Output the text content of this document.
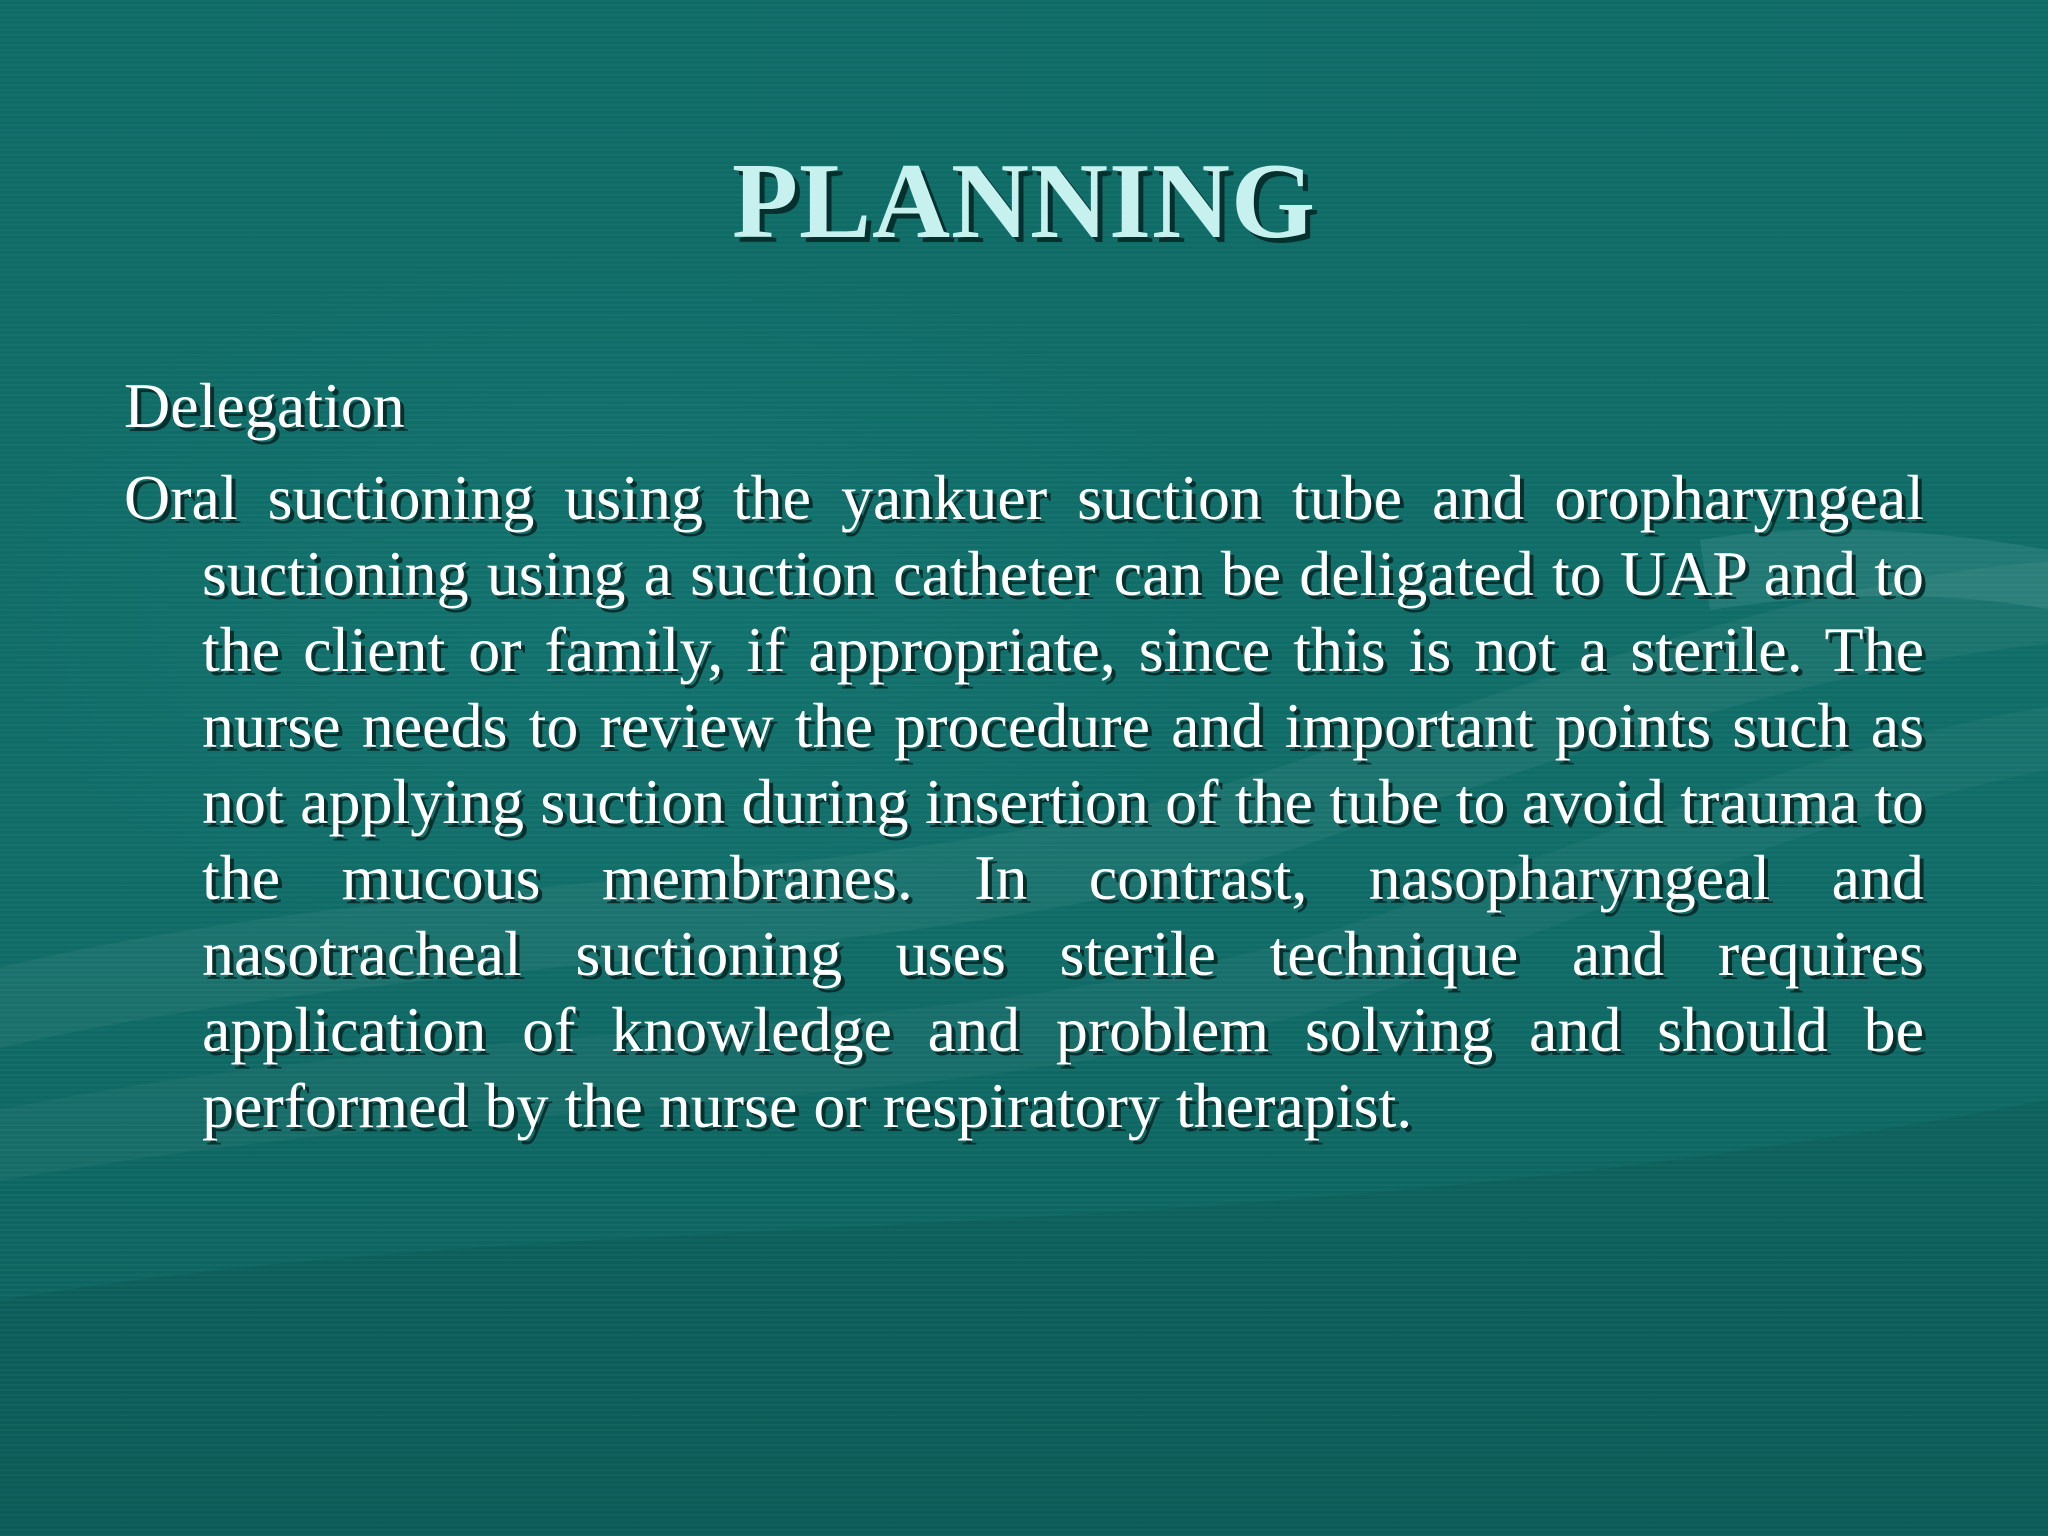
PLANNING
Delegation
Oral suctioning using the yankuer suction tube and oropharyngeal suctioning using a suction catheter can be deligated to UAP and to the client or family, if appropriate, since this is not a sterile. The nurse needs to review the procedure and important points such as not applying suction during insertion of the tube to avoid trauma to the mucous membranes. In contrast, nasopharyngeal and nasotracheal suctioning uses sterile technique and requires application of knowledge and problem solving and should be performed by the nurse or respiratory therapist.
